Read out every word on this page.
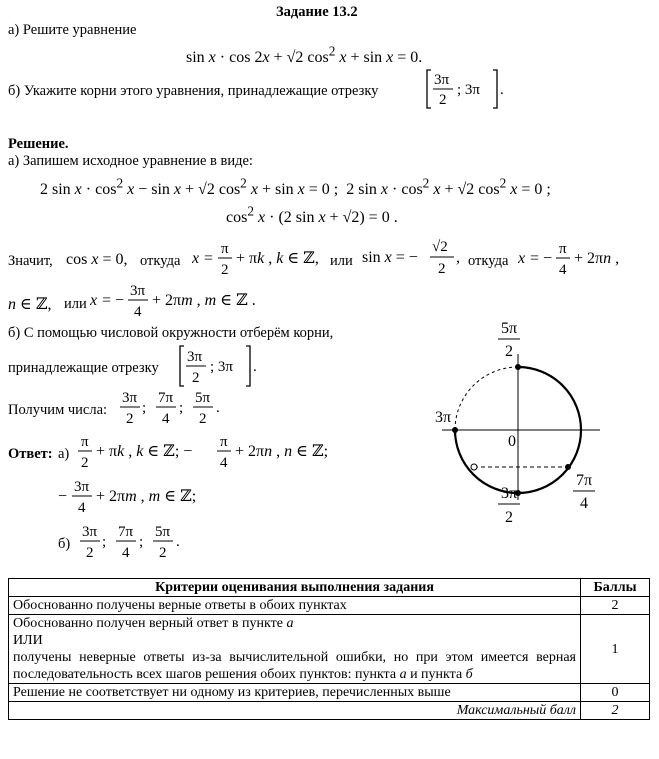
Задание 13.2
а) Решите уравнение
sin x · cos 2x + √2 $\cos^2 x + \sin x = 0$.
б) Укажите корни этого уравнения, принадлежащие отрезку
3π
2
; 3π .
Решение.
а) Запишем исходное уравнение в виде:
2 $\sin x \cdot \cos^2 x - \sin x + √2$ $\cos^2 x + \sin x = 0$ ;  2 $\sin x \cdot \cos^2 x + √2$ $\cos^2 x = 0$ ;
$\cos^2 x \cdot (2$ sin x + √2) = 0 .
Значит, cos x = 0, откуда x =
π
2
+ πk , k ∈ ℤ, или sin x = −
√2
2
, откуда x = −
π
4
+ 2πn ,
n ∈ ℤ, или x = −
3π
4
+ 2πm , m ∈ ℤ .
б) С помощью числовой окружности отберём корни,
принадлежащие отрезку
3π
2
; 3π .
Получим числа:
3π
2
;
7π
4
;
5π
2
.
Ответ: а)
π
2
+ πk , k ∈ ℤ; −
π
4
+ 2πn , n ∈ ℤ;
−
3π
4
+ 2πm , m ∈ ℤ;
б)
3π
2
;
7π
4
;
5π
2
.
5π
2
3π
0
3π
2
7π
4
Критерии оценивания выполнения задания	Баллы
Обоснованно получены верные ответы в обоих пунктах	2
Обоснованно получен верный ответ в пункте а
ИЛИ
получены неверные ответы из-за вычислительной ошибки, но при этом имеется верная последовательность всех шагов решения обоих пунктов: пункта а и пункта б	1
Решение не соответствует ни одному из критериев, перечисленных выше	0
Максимальный балл	2
